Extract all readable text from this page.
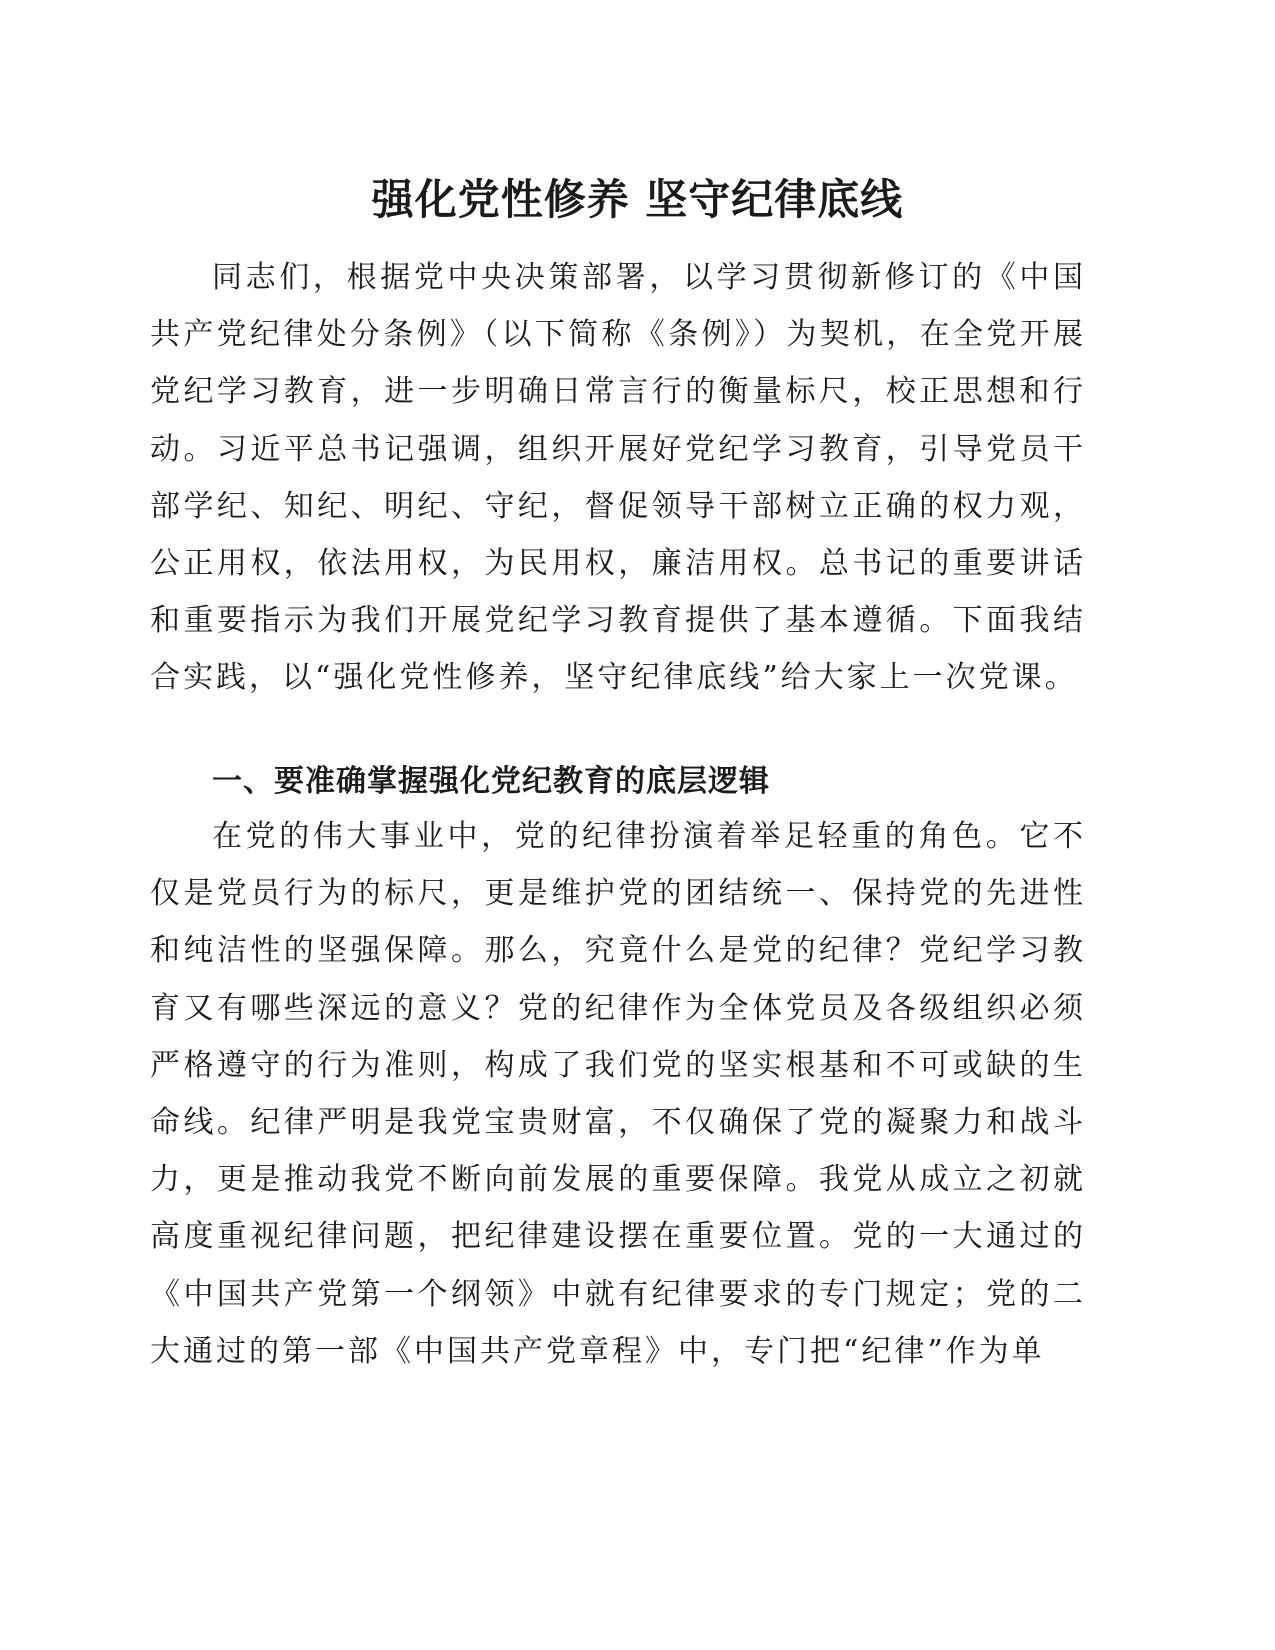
强化党性修养 坚守纪律底线

同志们，根据党中央决策部署，以学习贯彻新修订的《中国共产党纪律处分条例》（以下简称《条例》）为契机，在全党开展党纪学习教育，进一步明确日常言行的衡量标尺，校正思想和行动。习近平总书记强调，组织开展好党纪学习教育，引导党员干部学纪、知纪、明纪、守纪，督促领导干部树立正确的权力观，公正用权，依法用权，为民用权，廉洁用权。总书记的重要讲话和重要指示为我们开展党纪学习教育提供了基本遵循。下面我结合实践，以“强化党性修养，坚守纪律底线”给大家上一次党课。

一、要准确掌握强化党纪教育的底层逻辑

在党的伟大事业中，党的纪律扮演着举足轻重的角色。它不仅是党员行为的标尺，更是维护党的团结统一、保持党的先进性和纯洁性的坚强保障。那么，究竟什么是党的纪律？党纪学习教育又有哪些深远的意义？党的纪律作为全体党员及各级组织必须严格遵守的行为准则，构成了我们党的坚实根基和不可或缺的生命线。纪律严明是我党宝贵财富，不仅确保了党的凝聚力和战斗力，更是推动我党不断向前发展的重要保障。我党从成立之初就高度重视纪律问题，把纪律建设摆在重要位置。党的一大通过的《中国共产党第一个纲领》中就有纪律要求的专门规定；党的二大通过的第一部《中国共产党章程》中，专门把“纪律”作为单
